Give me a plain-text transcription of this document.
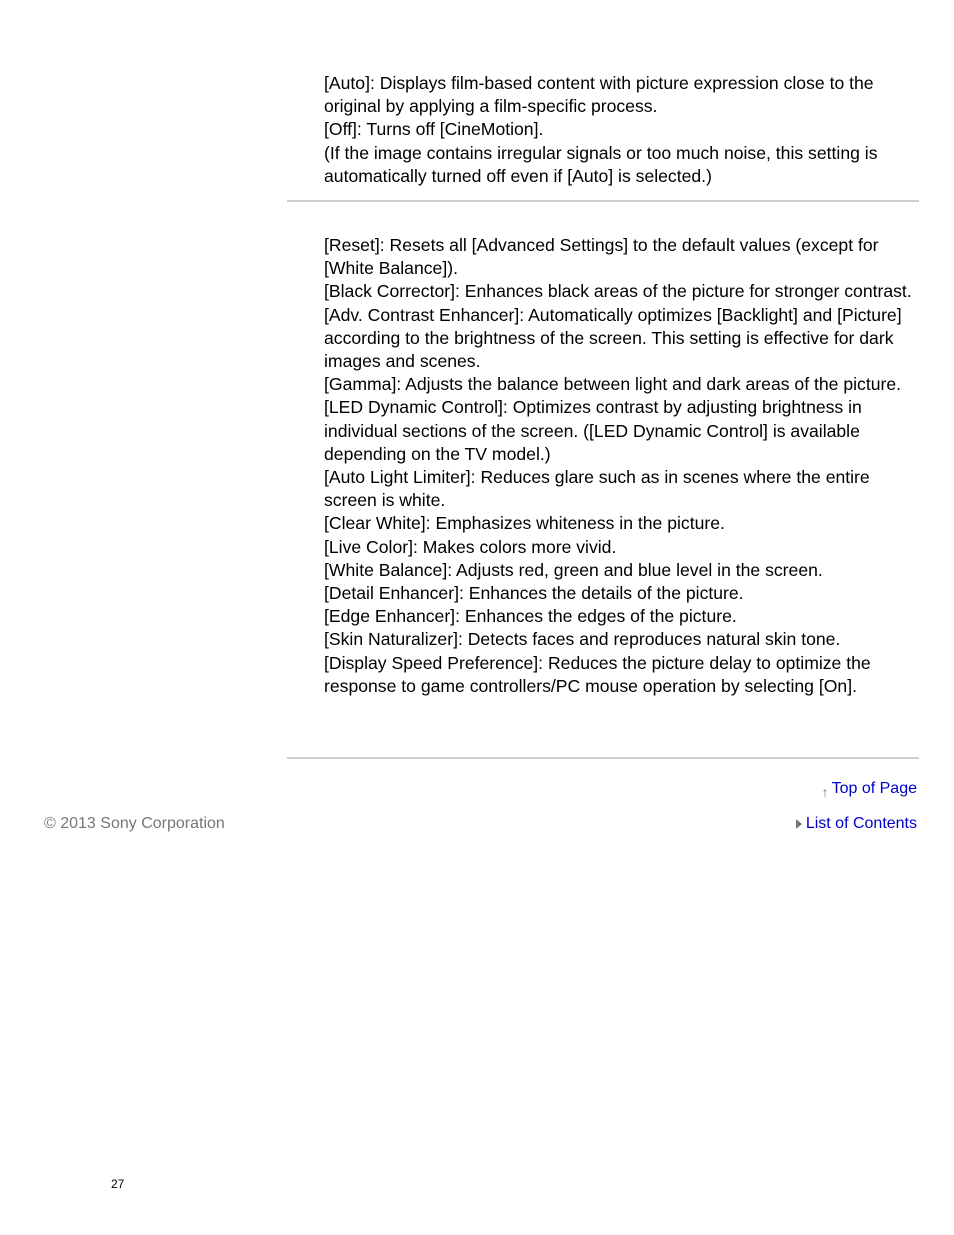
[Auto]: Displays film-based content with picture expression close to the original by applying a film-specific process.

[Off]: Turns off [CineMotion].

(If the image contains irregular signals or too much noise, this setting is automatically turned off even if [Auto] is selected.)

[Reset]: Resets all [Advanced Settings] to the default values (except for [White Balance]).

[Black Corrector]: Enhances black areas of the picture for stronger contrast.

[Adv. Contrast Enhancer]: Automatically optimizes [Backlight] and [Picture] according to the brightness of the screen. This setting is effective for dark images and scenes.

[Gamma]: Adjusts the balance between light and dark areas of the picture.

[LED Dynamic Control]: Optimizes contrast by adjusting brightness in individual sections of the screen. ([LED Dynamic Control] is available depending on the TV model.)

[Auto Light Limiter]: Reduces glare such as in scenes where the entire screen is white.

[Clear White]: Emphasizes whiteness in the picture.

[Live Color]: Makes colors more vivid.

[White Balance]: Adjusts red, green and blue level in the screen.

[Detail Enhancer]: Enhances the details of the picture.

[Edge Enhancer]: Enhances the edges of the picture.

[Skin Naturalizer]: Detects faces and reproduces natural skin tone.

[Display Speed Preference]: Reduces the picture delay to optimize the response to game controllers/PC mouse operation by selecting [On].

↑ Top of Page
© 2013 Sony Corporation	List of Contents
27
